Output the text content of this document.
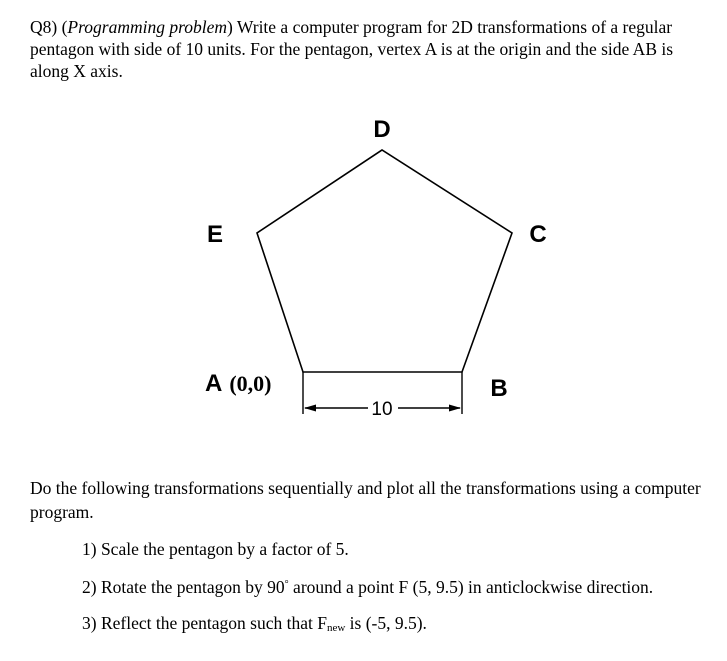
Q8) (Programming problem) Write a computer program for 2D transformations of a regular pentagon with side of 10 units. For the pentagon, vertex A is at the origin and the side AB is along X axis.
10
D
E	C
B
A (0,0)
Do the following transformations sequentially and plot all the transformations using a computer program.
1) Scale the pentagon by a factor of 5.
2) Rotate the pentagon by 90° around a point F (5, 9.5) in anticlockwise direction.
3) Reflect the pentagon such that $F_{new}$ is (-5, 9.5).
